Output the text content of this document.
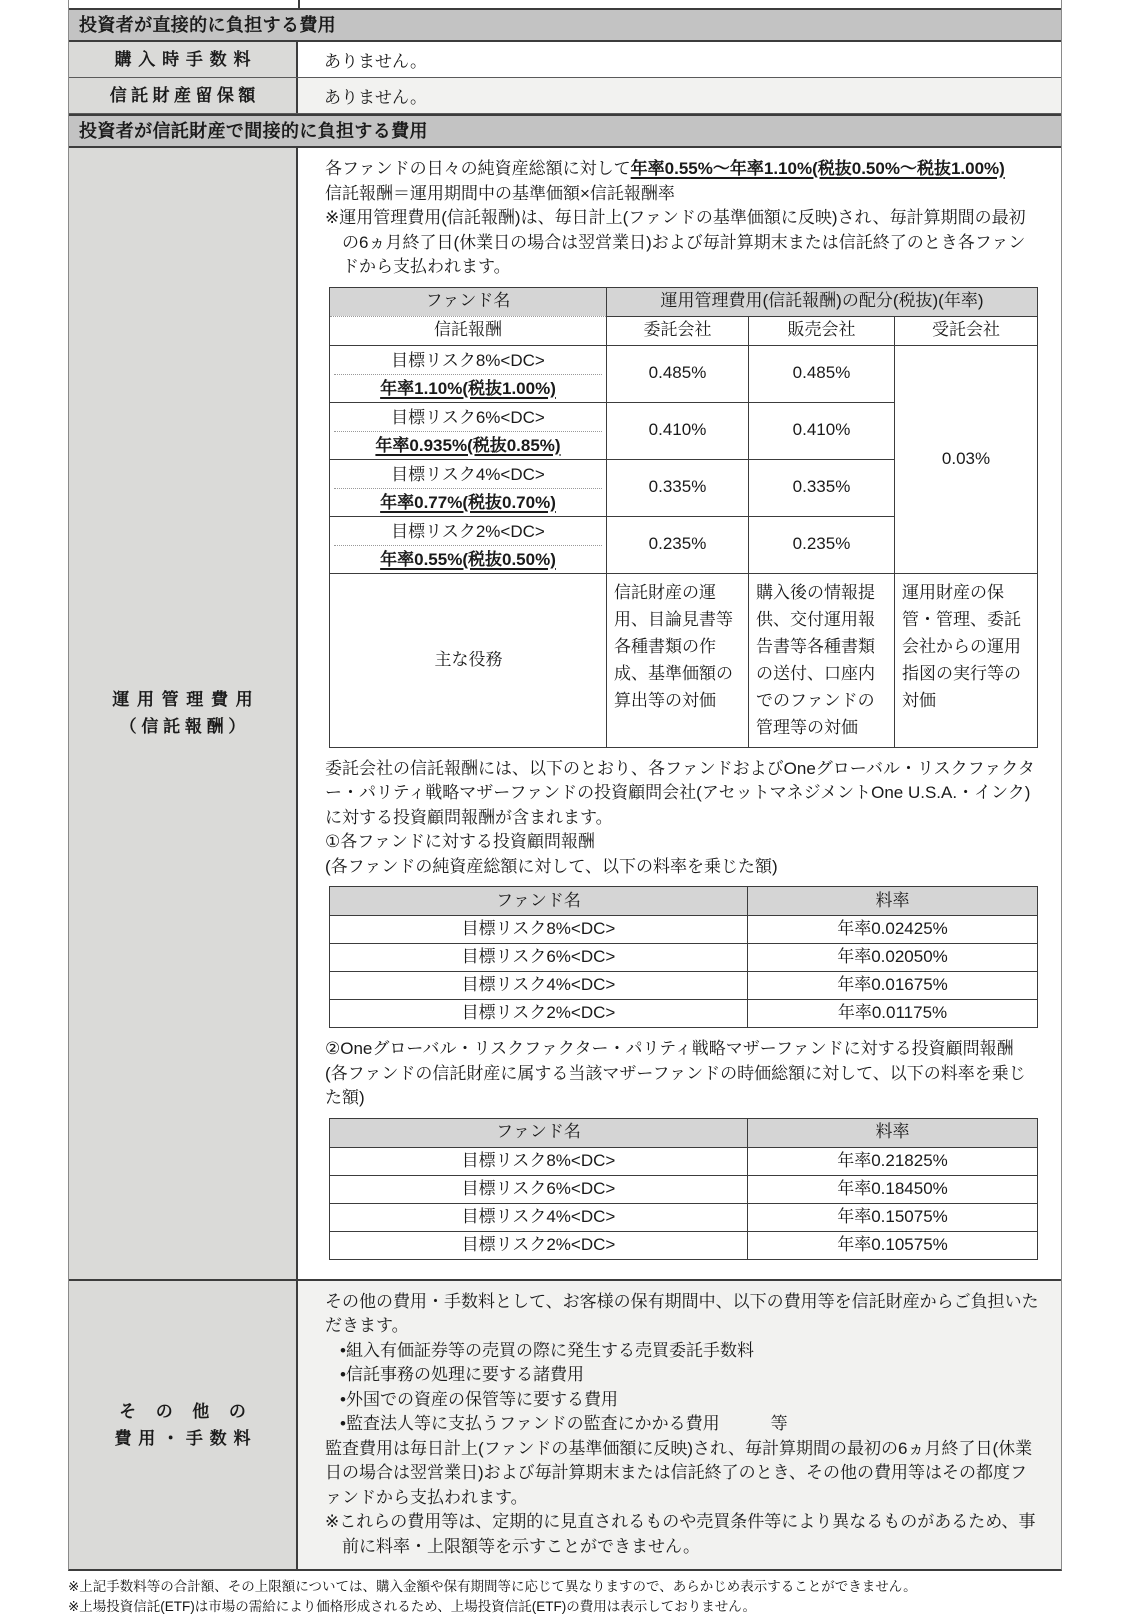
投資者が直接的に負担する費用
購入時手数料	ありません。
信託財産留保額	ありません。
投資者が信託財産で間接的に負担する費用
運用管理費用
（信託報酬）

各ファンドの日々の純資産総額に対して年率0.55%～年率1.10%(税抜0.50%～税抜1.00%)

信託報酬＝運用期間中の基準価額×信託報酬率

※運用管理費用(信託報酬)は、毎日計上(ファンドの基準価額に反映)され、毎計算期間の最初の6ヵ月終了日(休業日の場合は翌営業日)および毎計算期末または信託終了のとき各ファンドから支払われます。

ファンド名	運用管理費用(信託報酬)の配分(税抜)(年率)		
信託報酬	委託会社	販売会社	受託会社

目標リスク8%<DC>
年率1.10%(税抜1.00%)	0.485%	0.485%	0.03%

目標リスク6%<DC>
年率0.935%(税抜0.85%)	0.410%	0.410%	

目標リスク4%<DC>
年率0.77%(税抜0.70%)	0.335%	0.335%	

目標リスク2%<DC>
年率0.55%(税抜0.50%)	0.235%	0.235%	
主な役務	信託財産の運用、目論見書等各種書類の作成、基準価額の算出等の対価	購入後の情報提供、交付運用報告書等各種書類の送付、口座内でのファンドの管理等の対価	運用財産の保管・管理、委託会社からの運用指図の実行等の対価

委託会社の信託報酬には、以下のとおり、各ファンドおよびOneグローバル・リスクファクター・パリティ戦略マザーファンドの投資顧問会社(アセットマネジメントOne U.S.A.・インク)に対する投資顧問報酬が含まれます。

①各ファンドに対する投資顧問報酬

(各ファンドの純資産総額に対して、以下の料率を乗じた額)

ファンド名	料率
目標リスク8%<DC>	年率0.02425%
目標リスク6%<DC>	年率0.02050%
目標リスク4%<DC>	年率0.01675%
目標リスク2%<DC>	年率0.01175%

②Oneグローバル・リスクファクター・パリティ戦略マザーファンドに対する投資顧問報酬

(各ファンドの信託財産に属する当該マザーファンドの時価総額に対して、以下の料率を乗じた額)

ファンド名	料率
目標リスク8%<DC>	年率0.21825%
目標リスク6%<DC>	年率0.18450%
目標リスク4%<DC>	年率0.15075%
目標リスク2%<DC>	年率0.10575%
その他の
費用・手数料

その他の費用・手数料として、お客様の保有期間中、以下の費用等を信託財産からご負担いただきます。

•組入有価証券等の売買の際に発生する売買委託手数料

•信託事務の処理に要する諸費用

•外国での資産の保管等に要する費用

•監査法人等に支払うファンドの監査にかかる費用　　　等

監査費用は毎日計上(ファンドの基準価額に反映)され、毎計算期間の最初の6ヵ月終了日(休業日の場合は翌営業日)および毎計算期末または信託終了のとき、その他の費用等はその都度ファンドから支払われます。

※これらの費用等は、定期的に見直されるものや売買条件等により異なるものがあるため、事前に料率・上限額等を示すことができません。

※上記手数料等の合計額、その上限額については、購入金額や保有期間等に応じて異なりますので、あらかじめ表示することができません。
※上場投資信託(ETF)は市場の需給により価格形成されるため、上場投資信託(ETF)の費用は表示しておりません。
